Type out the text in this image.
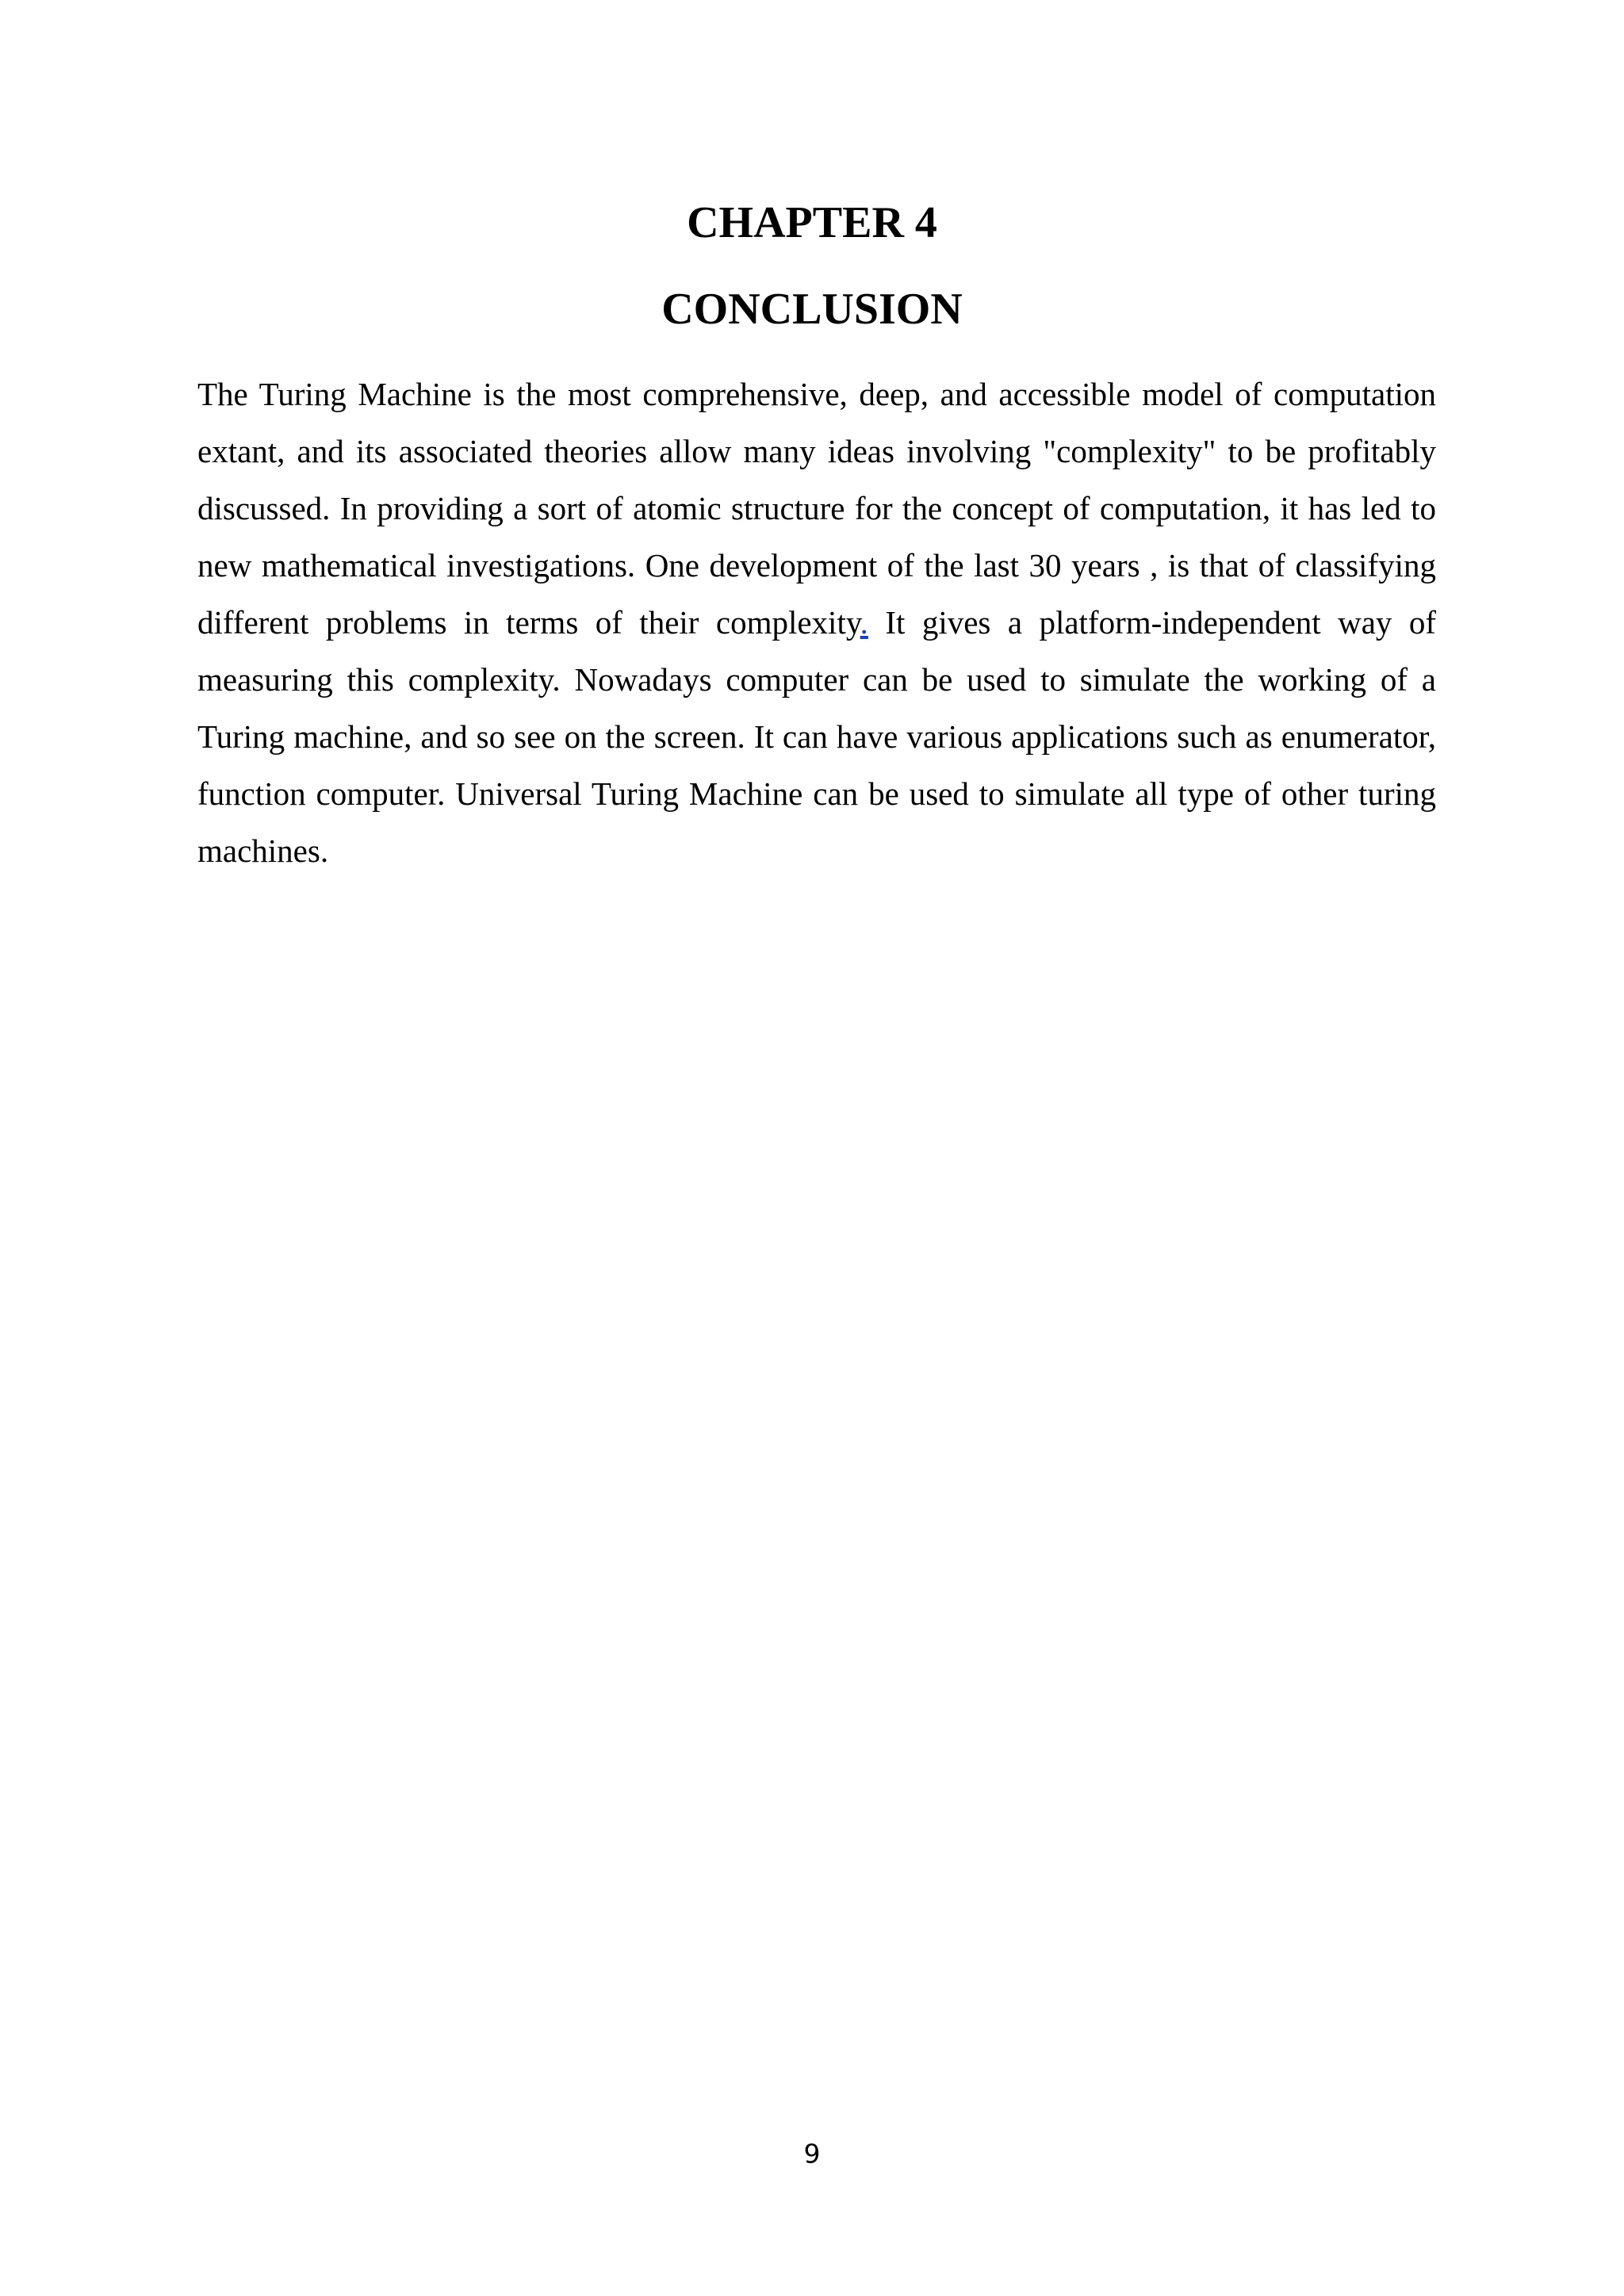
CHAPTER 4
CONCLUSION

The Turing Machine is the most comprehensive, deep, and accessible model of computation extant, and its associated theories allow many ideas involving "complexity" to be profitably discussed. In providing a sort of atomic structure for the concept of computation, it has led to new mathematical investigations. One development of the last 30 years , is that of classifying different problems in terms of their complexity. It gives a platform-independent way of measuring this complexity. Nowadays computer can be used to simulate the working of a Turing machine, and so see on the screen. It can have various applications such as enumerator, function computer. Universal Turing Machine can be used to simulate all type of other turing machines.

9
